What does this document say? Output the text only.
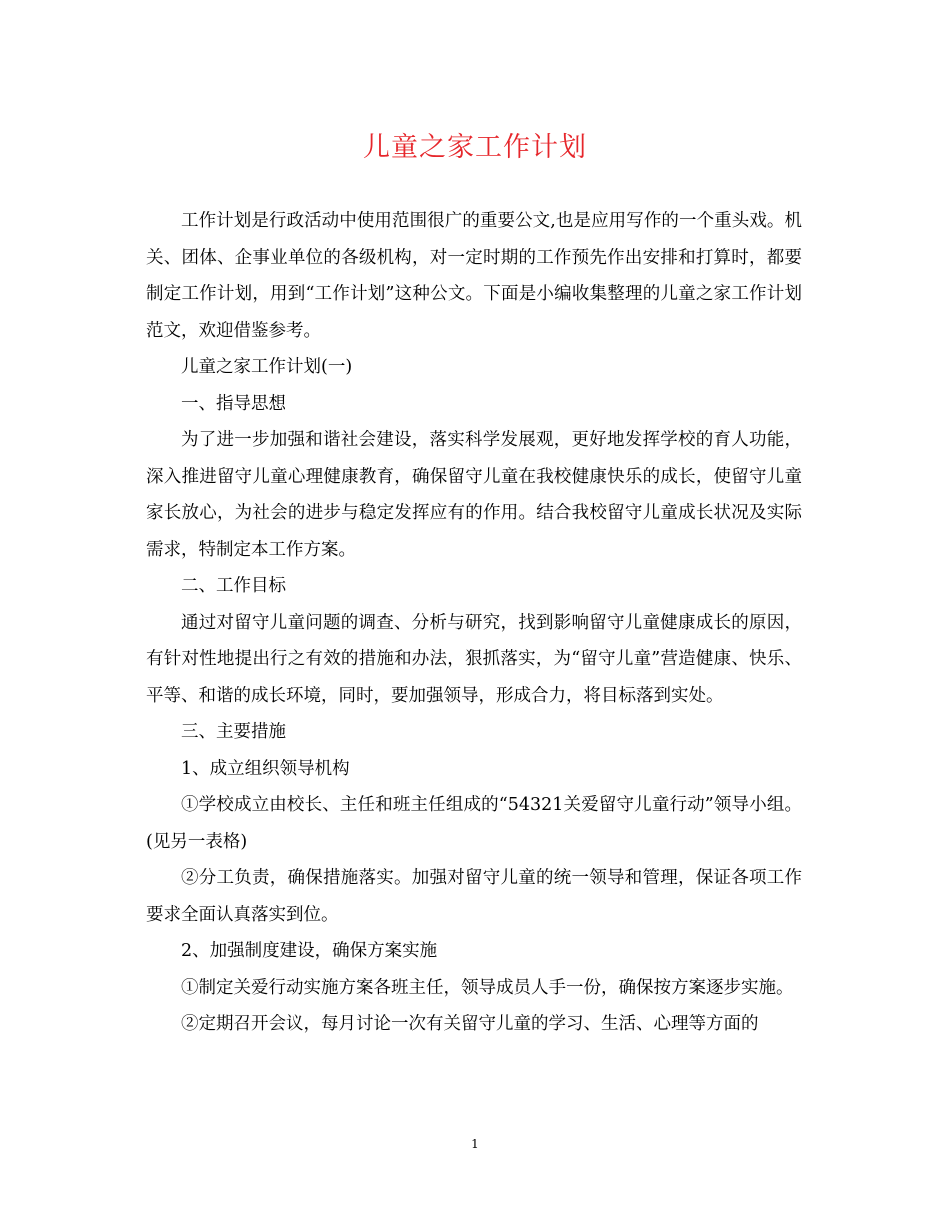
儿童之家工作计划

工作计划是行政活动中使用范围很广的重要公文,也是应用写作的一个重头戏。机关、团体、企事业单位的各级机构，对一定时期的工作预先作出安排和打算时，都要制定工作计划，用到“工作计划”这种公文。下面是小编收集整理的儿童之家工作计划范文，欢迎借鉴参考。

儿童之家工作计划(一)

一、指导思想

为了进一步加强和谐社会建设，落实科学发展观，更好地发挥学校的育人功能，深入推进留守儿童心理健康教育，确保留守儿童在我校健康快乐的成长，使留守儿童家长放心，为社会的进步与稳定发挥应有的作用。结合我校留守儿童成长状况及实际需求，特制定本工作方案。

二、工作目标

通过对留守儿童问题的调查、分析与研究，找到影响留守儿童健康成长的原因，有针对性地提出行之有效的措施和办法，狠抓落实，为“留守儿童”营造健康、快乐、平等、和谐的成长环境，同时，要加强领导，形成合力，将目标落到实处。

三、主要措施

1、成立组织领导机构

①学校成立由校长、主任和班主任组成的“54321关爱留守儿童行动”领导小组。(见另一表格)

②分工负责，确保措施落实。加强对留守儿童的统一领导和管理，保证各项工作要求全面认真落实到位。

2、加强制度建设，确保方案实施

①制定关爱行动实施方案各班主任，领导成员人手一份，确保按方案逐步实施。

②定期召开会议，每月讨论一次有关留守儿童的学习、生活、心理等方面的

1
